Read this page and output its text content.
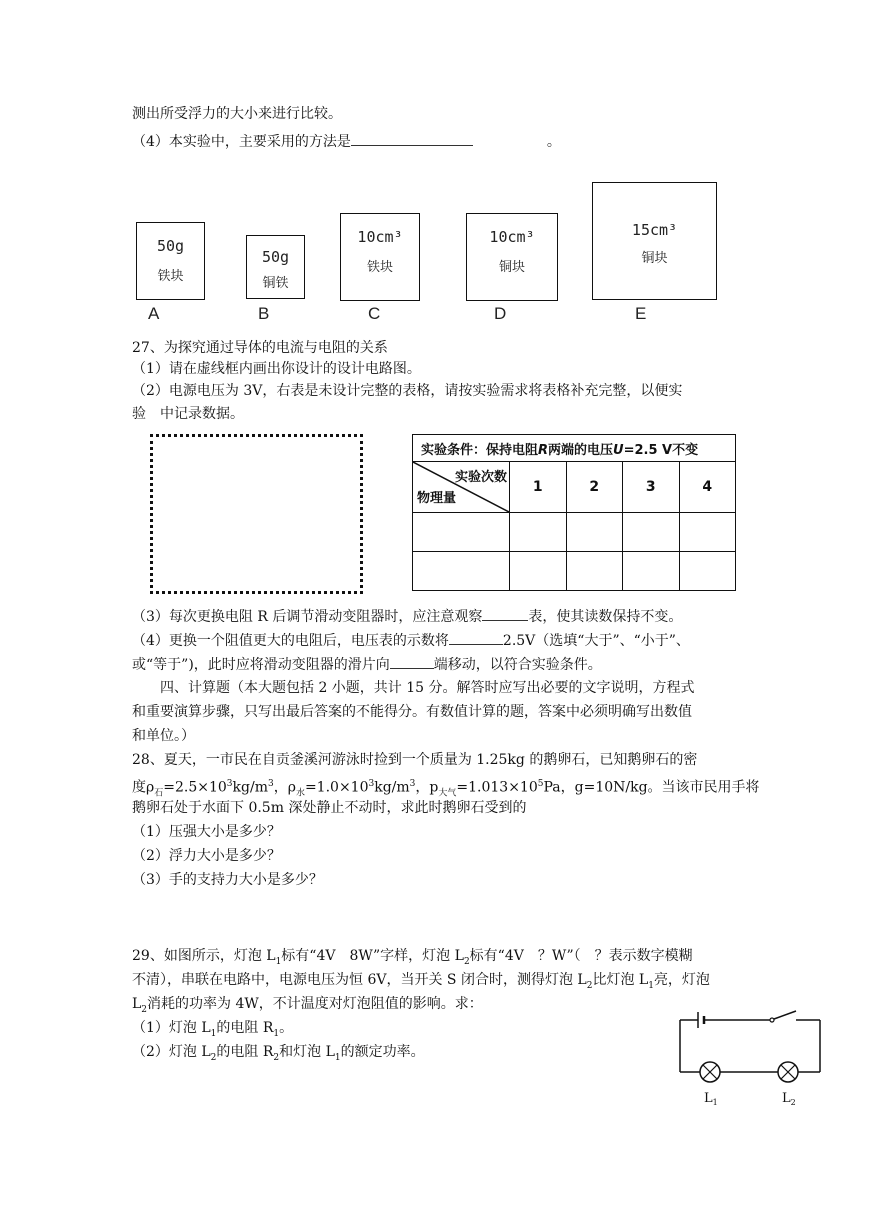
测出所受浮力的大小来进行比较。
（4）本实验中，主要采用的方法是	。
50g
铁块
50g
铜铁
10cm³
铁块
10cm³
铜块
15cm³
铜块
A	B	C	D	E
27、为探究通过导体的电流与电阻的关系
（1）请在虚线框内画出你设计的设计电路图。
（2）电源电压为 3V，右表是未设计完整的表格，请按实验需求将表格补充完整，以便实
验　中记录数据。
实验条件：保持电阻R两端的电压U=2.5 V不变				

实验次数
物理量	1	2	3	4

（3）每次更换电阻 R 后调节滑动变阻器时，应注意观察	表，使其读数保持不变。
（4）更换一个阻值更大的电阻后，电压表的示数将	2.5V（选填“大于”、“小于”、
或“等于”)，此时应将滑动变阻器的滑片向	端移动，以符合实验条件。
四、计算题（本大题包括 2 小题，共计 15 分。解答时应写出必要的文字说明，方程式
和重要演算步骤，只写出最后答案的不能得分。有数值计算的题，答案中必须明确写出数值
和单位。）
28、夏天，一市民在自贡釜溪河游泳时捡到一个质量为 1.25kg 的鹅卵石，已知鹅卵石的密
度$\rho_石=2.5\times 10^3kg/m^3$，$\rho_水=1.0\times 10^3kg/m^3$，$p_{大气}=1.013\times 10^5Pa$，g=10N/kg。当该市民用手将
鹅卵石处于水面下 0.5m 深处静止不动时，求此时鹅卵石受到的
（1）压强大小是多少？
（2）浮力大小是多少？
（3）手的支持力大小是多少？
29、如图所示，灯泡 $L_1$标有“4V　8W”字样，灯泡 $L_2$标有“4V　？W”（　？表示数字模糊
不清），串联在电路中，电源电压为恒 6V，当开关 S 闭合时，测得灯泡 $L_2$比灯泡 $L_1$亮，灯泡
$L_2$消耗的功率为 4W，不计温度对灯泡阻值的影响。求：
（1）灯泡 $L_1$的电阻 $R_1$。
（2）灯泡 $L_2$的电阻 $R_2$和灯泡 $L_1$的额定功率。
$L_1$	$L_2$
